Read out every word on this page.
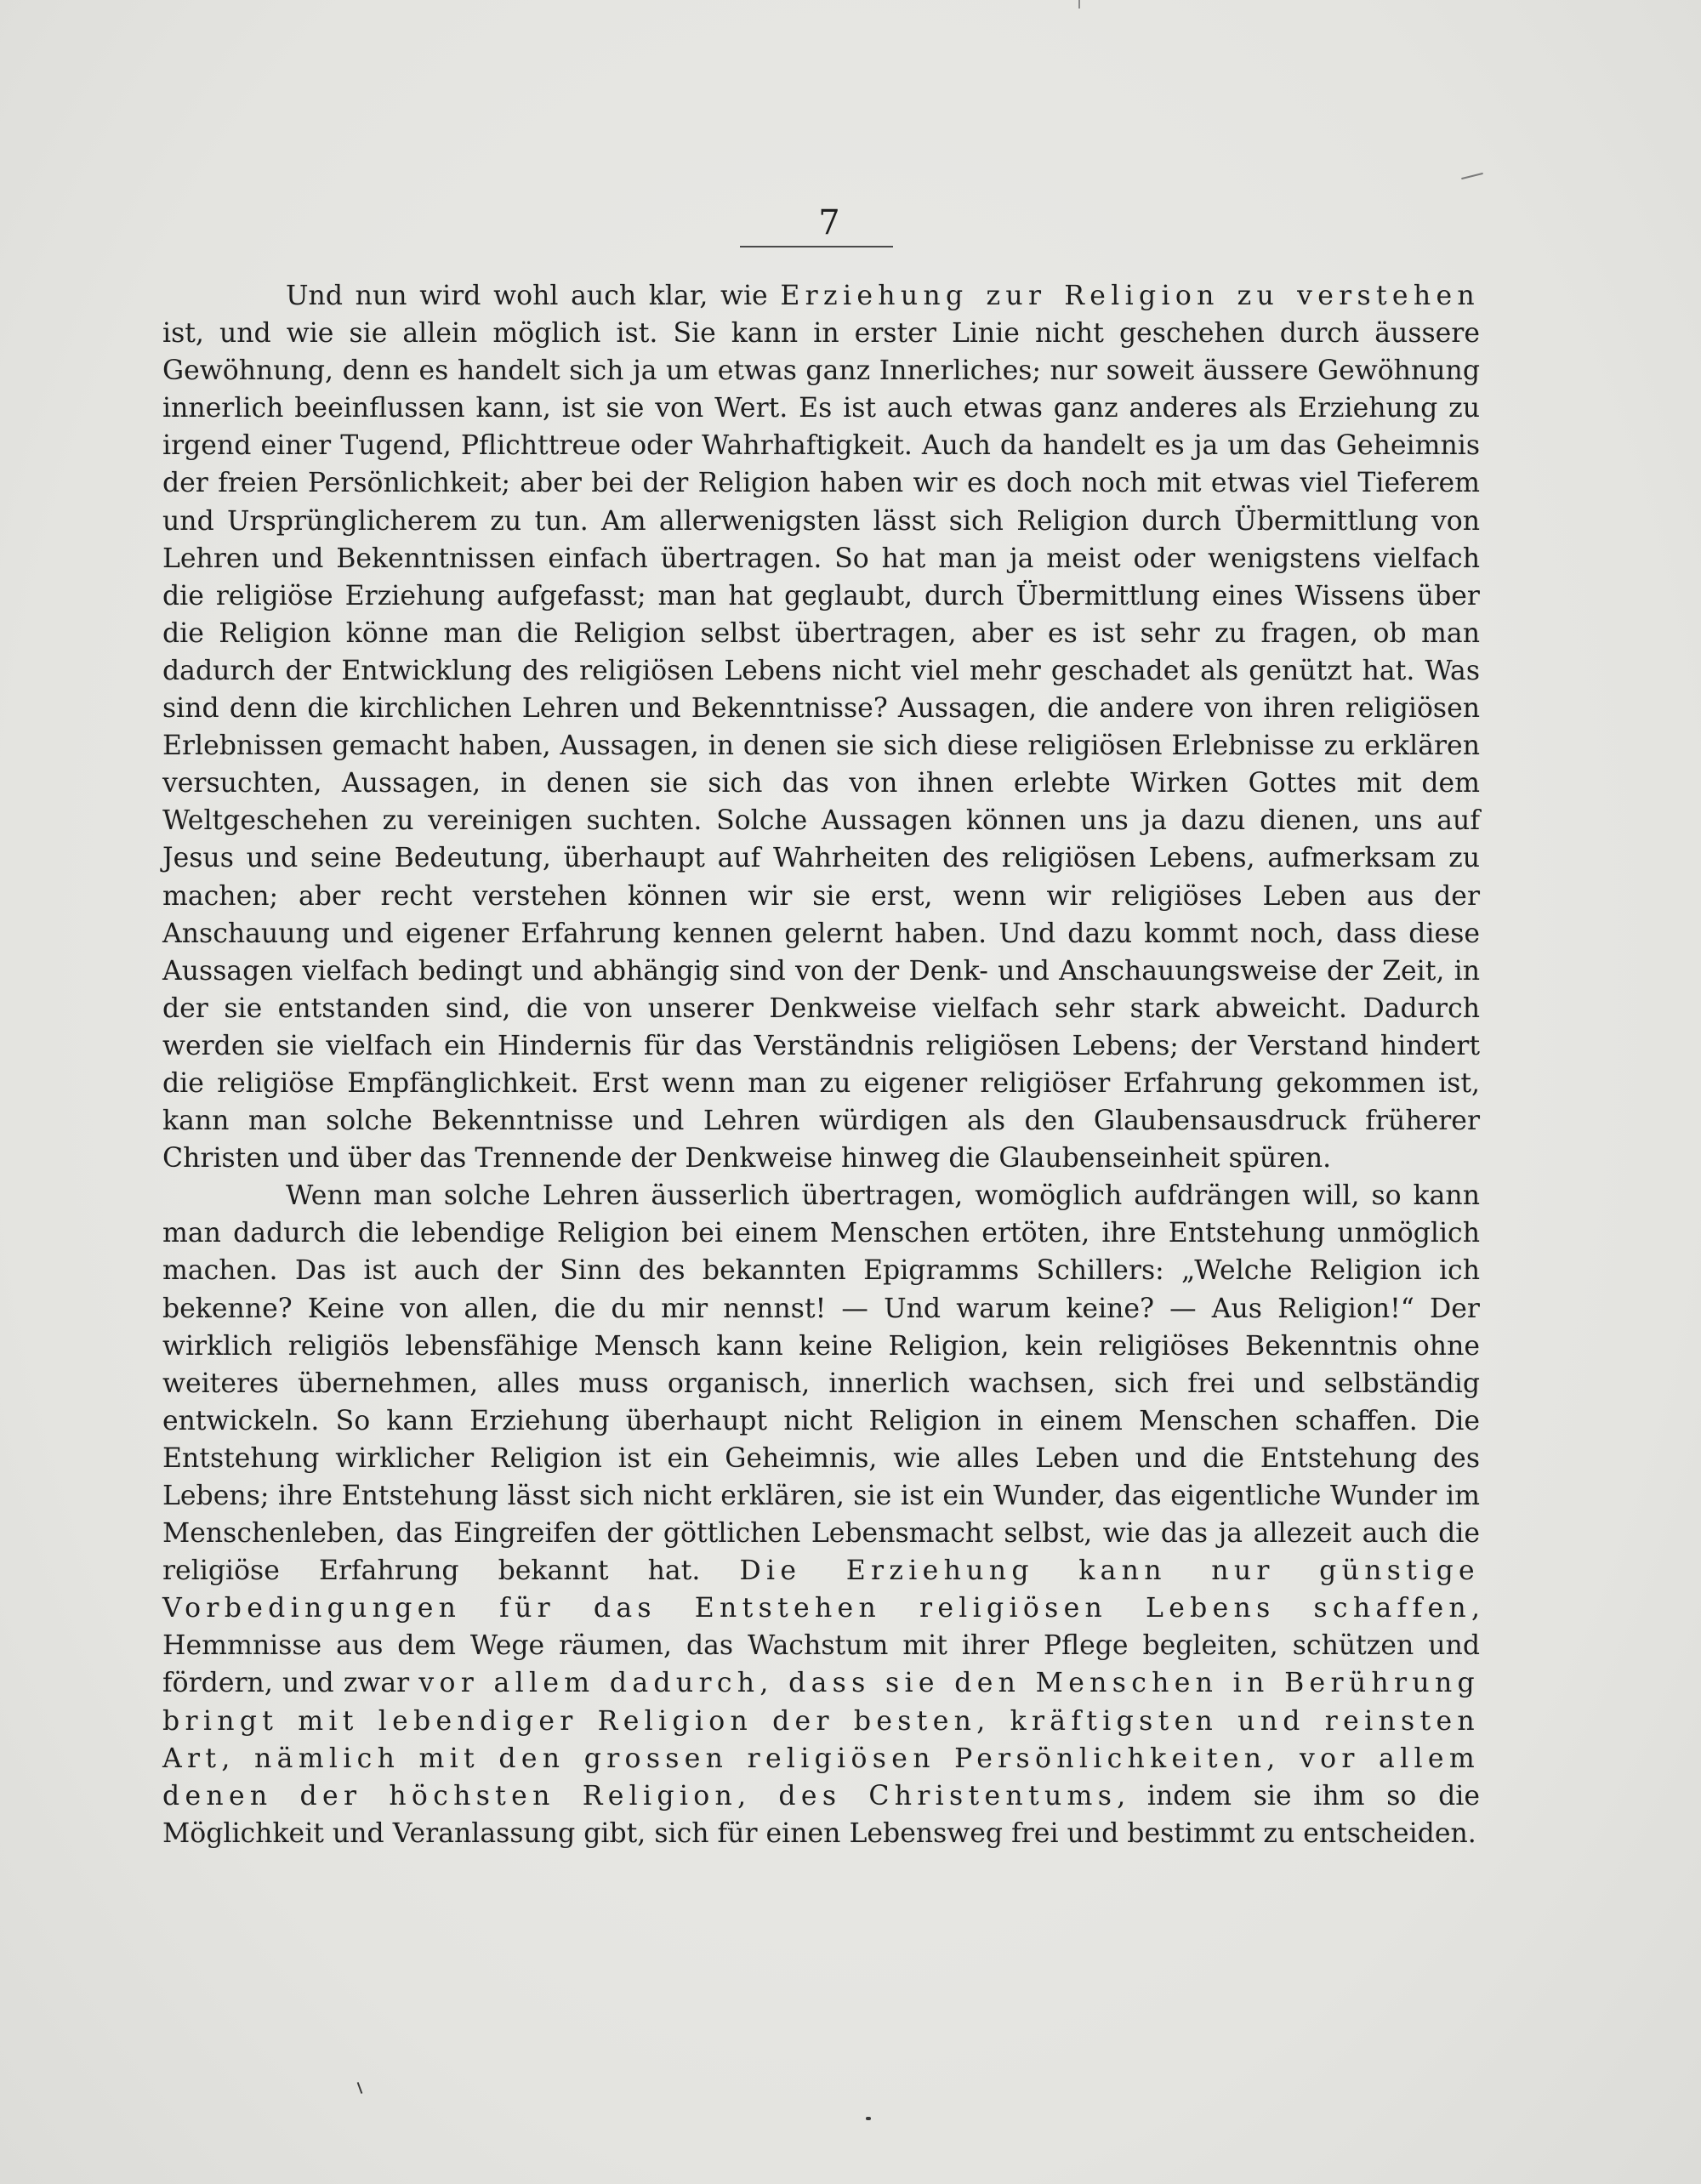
7

Und nun wird wohl auch klar, wie Erziehung zur Religion zu verstehen ist, und wie sie allein möglich ist. Sie kann in erster Linie nicht geschehen durch äussere Gewöhnung, denn es handelt sich ja um etwas ganz Innerliches; nur soweit äussere Gewöhnung innerlich beeinflussen kann, ist sie von Wert. Es ist auch etwas ganz anderes als Erziehung zu irgend einer Tugend, Pflichttreue oder Wahrhaftigkeit. Auch da handelt es ja um das Geheimnis der freien Persönlichkeit; aber bei der Religion haben wir es doch noch mit etwas viel Tieferem und Ursprünglicherem zu tun. Am allerwenigsten lässt sich Religion durch Übermittlung von Lehren und Bekenntnissen einfach übertragen. So hat man ja meist oder wenigstens vielfach die religiöse Erziehung aufgefasst; man hat geglaubt, durch Übermittlung eines Wissens über die Religion könne man die Religion selbst übertragen, aber es ist sehr zu fragen, ob man dadurch der Entwicklung des religiösen Lebens nicht viel mehr geschadet als genützt hat. Was sind denn die kirchlichen Lehren und Bekenntnisse? Aussagen, die andere von ihren religiösen Erlebnissen gemacht haben, Aussagen, in denen sie sich diese religiösen Erlebnisse zu erklären versuchten, Aussagen, in denen sie sich das von ihnen erlebte Wirken Gottes mit dem Weltgeschehen zu vereinigen suchten. Solche Aussagen können uns ja dazu dienen, uns auf Jesus und seine Bedeutung, überhaupt auf Wahrheiten des religiösen Lebens, aufmerksam zu machen; aber recht verstehen können wir sie erst, wenn wir religiöses Leben aus der Anschauung und eigener Erfahrung kennen gelernt haben. Und dazu kommt noch, dass diese Aussagen vielfach bedingt und abhängig sind von der Denk- und Anschauungsweise der Zeit, in der sie entstanden sind, die von unserer Denkweise vielfach sehr stark abweicht. Dadurch werden sie vielfach ein Hindernis für das Verständnis religiösen Lebens; der Verstand hindert die religiöse Empfänglichkeit. Erst wenn man zu eigener religiöser Erfahrung gekommen ist, kann man solche Bekenntnisse und Lehren würdigen als den Glaubensausdruck früherer Christen und über das Trennende der Denkweise hinweg die Glaubenseinheit spüren.

Wenn man solche Lehren äusserlich übertragen, womöglich aufdrängen will, so kann man dadurch die lebendige Religion bei einem Menschen ertöten, ihre Entstehung unmöglich machen. Das ist auch der Sinn des bekannten Epigramms Schillers: „Welche Religion ich bekenne? Keine von allen, die du mir nennst! — Und warum keine? — Aus Religion!“ Der wirklich religiös lebensfähige Mensch kann keine Religion, kein religiöses Bekenntnis ohne weiteres übernehmen, alles muss organisch, innerlich wachsen, sich frei und selbständig entwickeln. So kann Erziehung überhaupt nicht Religion in einem Menschen schaffen. Die Entstehung wirklicher Religion ist ein Geheimnis, wie alles Leben und die Entstehung des Lebens; ihre Entstehung lässt sich nicht erklären, sie ist ein Wunder, das eigentliche Wunder im Menschenleben, das Eingreifen der göttlichen Lebensmacht selbst, wie das ja allezeit auch die religiöse Erfahrung bekannt hat. Die Erziehung kann nur günstige Vorbedingungen für das Entstehen religiösen Lebens schaffen, Hemmnisse aus dem Wege räumen, das Wachstum mit ihrer Pflege begleiten, schützen und fördern, und zwar vor allem dadurch, dass sie den Menschen in Berührung bringt mit lebendiger Religion der besten, kräftigsten und reinsten Art, nämlich mit den grossen religiösen Persönlichkeiten, vor allem denen der höchsten Religion, des Christentums, indem sie ihm so die Möglichkeit und Veranlassung gibt, sich für einen Lebensweg frei und bestimmt zu entscheiden.
